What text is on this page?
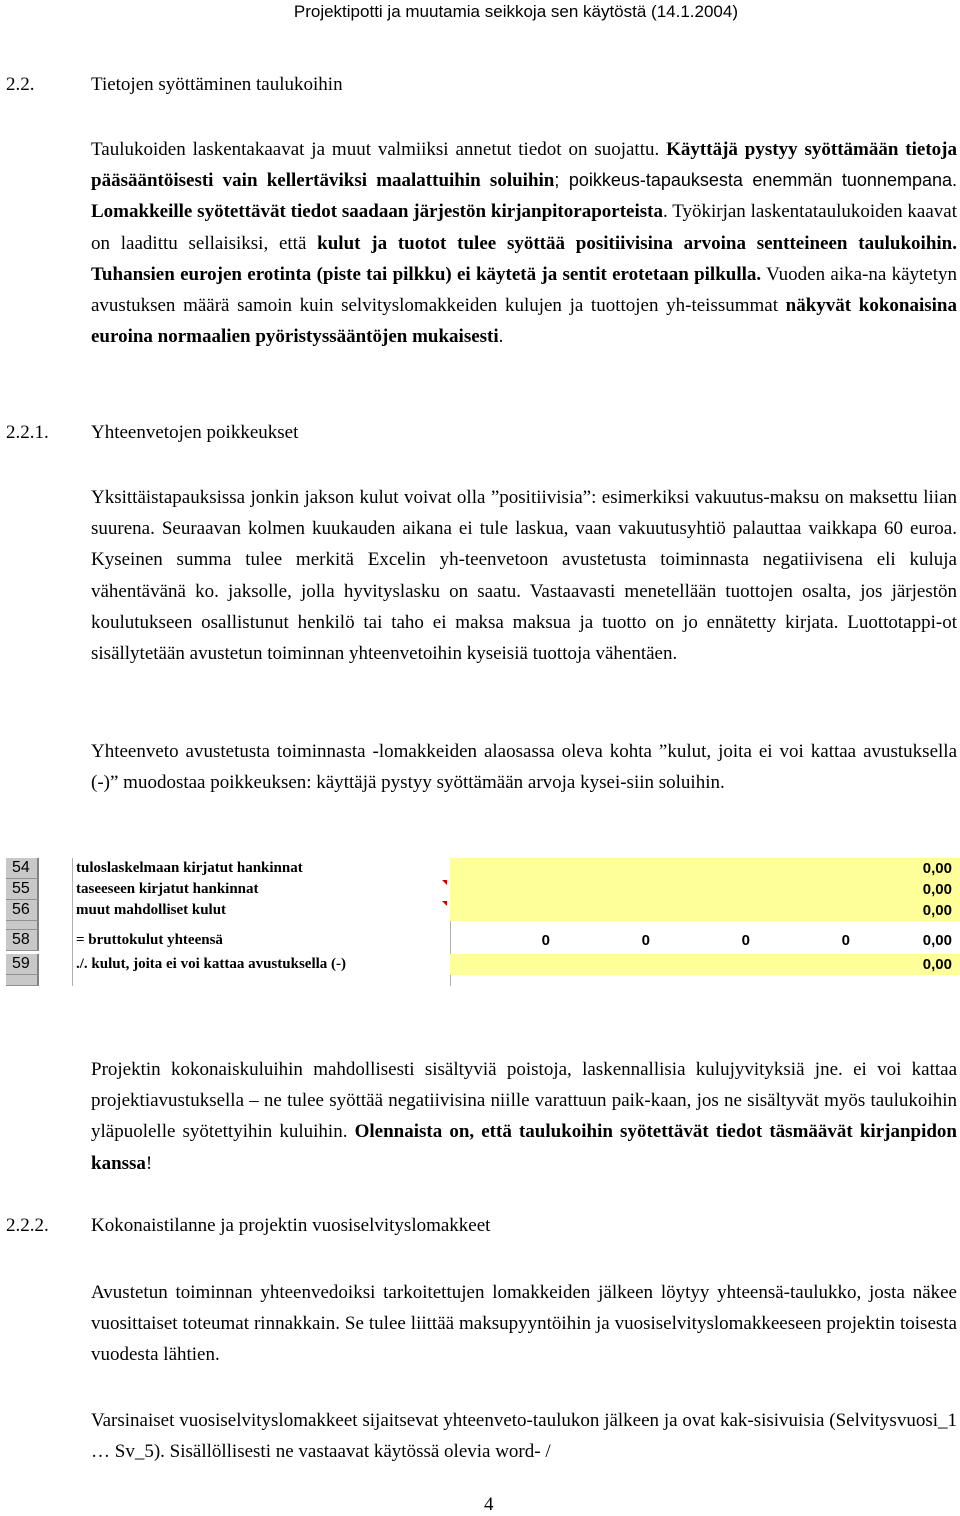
Projektipotti ja muutamia seikkoja sen käytöstä (14.1.2004)
2.2.	Tietojen syöttäminen taulukoihin
Taulukoiden laskentakaavat ja muut valmiiksi annetut tiedot on suojattu. Käyttäjä pystyy syöttämään tietoja pääsääntöisesti vain kellertäviksi maalattuihin soluihin; poikkeus-tapauksesta enemmän tuonnempana. Lomakkeille syötettävät tiedot saadaan järjestön kirjanpitoraporteista. Työkirjan laskentataulukoiden kaavat on laadittu sellaisiksi, että kulut ja tuotot tulee syöttää positiivisina arvoina sentteineen taulukoihin. Tuhansien eurojen erotinta (piste tai pilkku) ei käytetä ja sentit erotetaan pilkulla. Vuoden aika-na käytetyn avustuksen määrä samoin kuin selvityslomakkeiden kulujen ja tuottojen yh-teissummat näkyvät kokonaisina euroina normaalien pyöristyssääntöjen mukaisesti.
2.2.1. Yhteenvetojen poikkeukset
Yksittäistapauksissa jonkin jakson kulut voivat olla ”positiivisia”: esimerkiksi vakuutus-maksu on maksettu liian suurena. Seuraavan kolmen kuukauden aikana ei tule laskua, vaan vakuutusyhtiö palauttaa vaikkapa 60 euroa. Kyseinen summa tulee merkitä Excelin yh-teenvetoon avustetusta toiminnasta negatiivisena eli kuluja vähentävänä ko. jaksolle, jolla hyvityslasku on saatu. Vastaavasti menetellään tuottojen osalta, jos järjestön koulutukseen osallistunut henkilö tai taho ei maksa maksua ja tuotto on jo ennätetty kirjata. Luottotappi-ot sisällytetään avustetun toiminnan yhteenvetoihin kyseisiä tuottoja vähentäen.
Yhteenveto avustetusta toiminnasta -lomakkeiden alaosassa oleva kohta ”kulut, joita ei voi kattaa avustuksella (-)” muodostaa poikkeuksen: käyttäjä pystyy syöttämään arvoja kysei-siin soluihin.
54	tuloslaskelmaan kirjatut hankinnat	0,00
55	taseeseen kirjatut hankinnat	0,00
56	muut mahdolliset kulut	0,00
58	= bruttokulut yhteensä	0	0	0	0	0,00
59	./. kulut, joita ei voi kattaa avustuksella (-)	0,00
Projektin kokonaiskuluihin mahdollisesti sisältyviä poistoja, laskennallisia kulujyvityksiä jne. ei voi kattaa projektiavustuksella – ne tulee syöttää negatiivisina niille varattuun paik-kaan, jos ne sisältyvät myös taulukoihin yläpuolelle syötettyihin kuluihin. Olennaista on, että taulukoihin syötettävät tiedot täsmäävät kirjanpidon kanssa!
2.2.2. Kokonaistilanne ja projektin vuosiselvityslomakkeet
Avustetun toiminnan yhteenvedoiksi tarkoitettujen lomakkeiden jälkeen löytyy yhteensä-taulukko, josta näkee vuosittaiset toteumat rinnakkain. Se tulee liittää maksupyyntöihin ja vuosiselvityslomakkeeseen projektin toisesta vuodesta lähtien.
Varsinaiset vuosiselvityslomakkeet sijaitsevat yhteenveto-taulukon jälkeen ja ovat kak-sisivuisia (Selvitysvuosi_1 … Sv_5). Sisällöllisesti ne vastaavat käytössä olevia word- /
4
